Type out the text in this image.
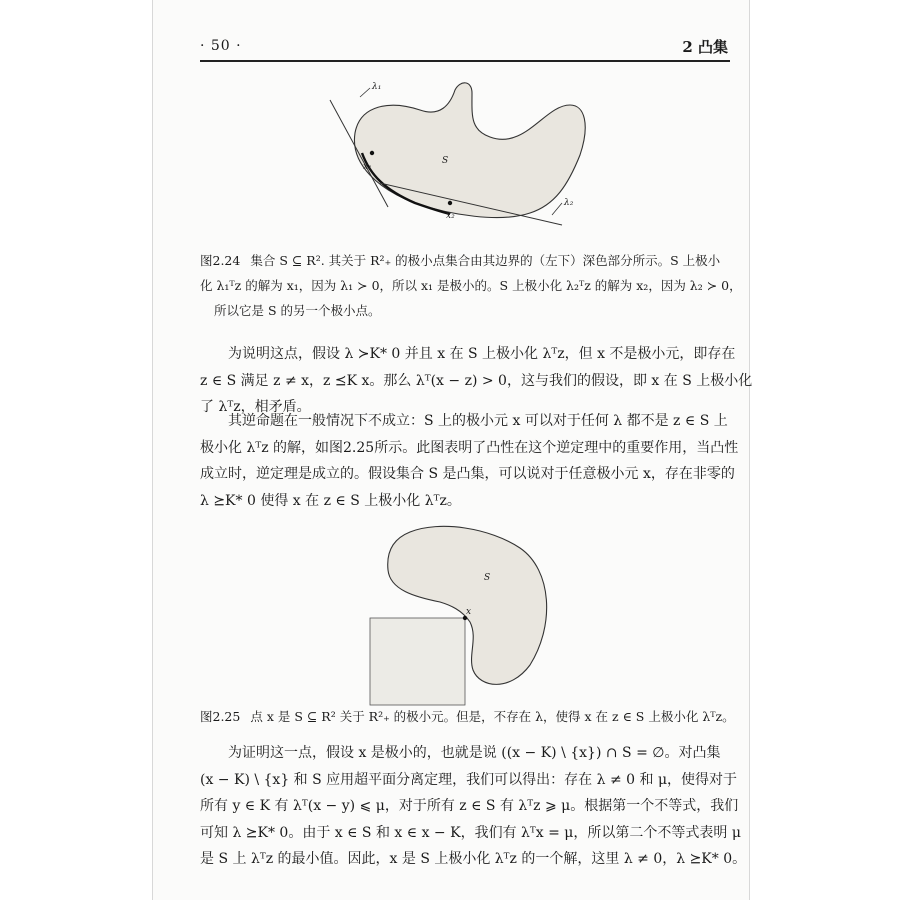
· 50 ·	2 凸集
λ₁
λ₂
x₁
x₂
S
图2.24 集合 S ⊆ R². 其关于 R²₊ 的极小点集合由其边界的（左下）深色部分所示。S 上极小
化 λ₁ᵀz 的解为 x₁，因为 λ₁ ≻ 0，所以 x₁ 是极小的。S 上极小化 λ₂ᵀz 的解为 x₂，因为 λ₂ ≻ 0，
所以它是 S 的另一个极小点。

为说明这点，假设 λ ≻K* 0 并且 x 在 S 上极小化 λᵀz，但 x 不是极小元，即存在
z ∈ S 满足 z ≠ x，z ⪯K x。那么 λᵀ(x − z) > 0，这与我们的假设，即 x 在 S 上极小化
了 λᵀz，相矛盾。

其逆命题在一般情况下不成立：S 上的极小元 x 可以对于任何 λ 都不是 z ∈ S 上
极小化 λᵀz 的解，如图2.25所示。此图表明了凸性在这个逆定理中的重要作用，当凸性
成立时，逆定理是成立的。假设集合 S 是凸集，可以说对于任意极小元 x，存在非零的
λ ⪰K* 0 使得 x 在 z ∈ S 上极小化 λᵀz。

x
S
图2.25 点 x 是 S ⊆ R² 关于 R²₊ 的极小元。但是，不存在 λ，使得 x 在 z ∈ S 上极小化 λᵀz。

为证明这一点，假设 x 是极小的，也就是说 ((x − K) \ {x}) ∩ S = ∅。对凸集
(x − K) \ {x} 和 S 应用超平面分离定理，我们可以得出：存在 λ ≠ 0 和 μ，使得对于
所有 y ∈ K 有 λᵀ(x − y) ⩽ μ，对于所有 z ∈ S 有 λᵀz ⩾ μ。根据第一个不等式，我们
可知 λ ⪰K* 0。由于 x ∈ S 和 x ∈ x − K，我们有 λᵀx = μ，所以第二个不等式表明 μ
是 S 上 λᵀz 的最小值。因此，x 是 S 上极小化 λᵀz 的一个解，这里 λ ≠ 0，λ ⪰K* 0。
